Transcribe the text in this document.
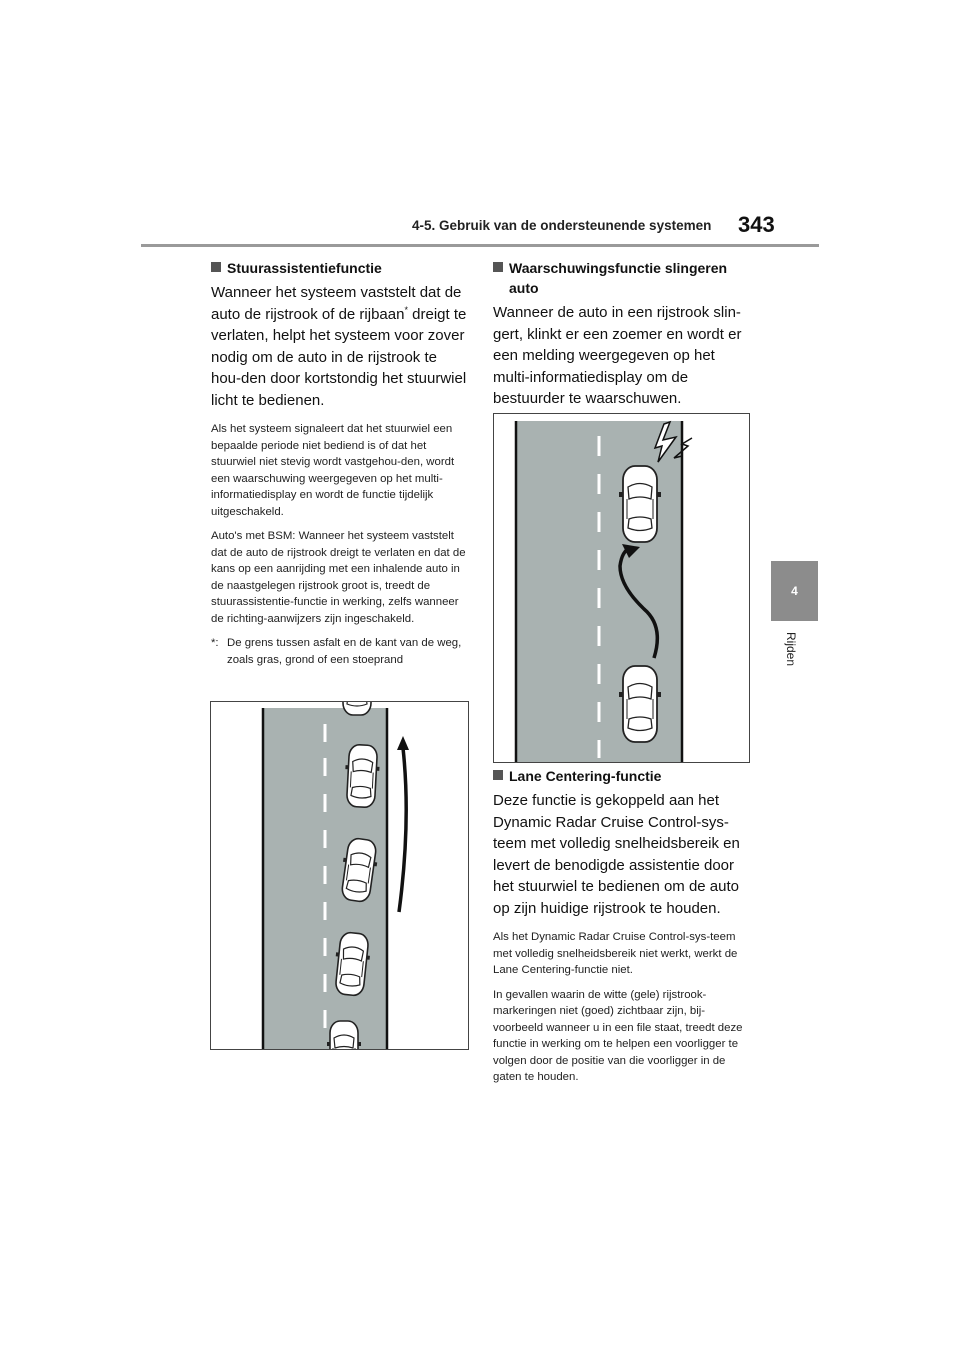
4-5. Gebruik van de ondersteunende systemen 343
4
Rijden
Stuurassistentiefunctie

Wanneer het systeem vaststelt dat de auto de rijstrook of de rijbaan* dreigt te verlaten, helpt het systeem voor zover nodig om de auto in de rijstrook te hou-den door kortstondig het stuurwiel licht te bedienen.

Als het systeem signaleert dat het stuurwiel een bepaalde periode niet bediend is of dat het stuurwiel niet stevig wordt vastgehou-den, wordt een waarschuwing weergegeven op het multi-informatiedisplay en wordt de functie tijdelijk uitgeschakeld.

Auto's met BSM: Wanneer het systeem vaststelt dat de auto de rijstrook dreigt te verlaten en dat de kans op een aanrijding met een inhalende auto in de naastgelegen rijstrook groot is, treedt de stuurassistentie-functie in werking, zelfs wanneer de richting-aanwijzers zijn ingeschakeld.

*: De grens tussen asfalt en de kant van de weg, zoals gras, grond of een stoeprand

Waarschuwingsfunctie slingeren
auto

Wanneer de auto in een rijstrook slin-gert, klinkt er een zoemer en wordt er een melding weergegeven op het multi-informatiedisplay om de bestuurder te waarschuwen.

Lane Centering-functie

Deze functie is gekoppeld aan het Dynamic Radar Cruise Control-sys-teem met volledig snelheidsbereik en levert de benodigde assistentie door het stuurwiel te bedienen om de auto op zijn huidige rijstrook te houden.

Als het Dynamic Radar Cruise Control-sys-teem met volledig snelheidsbereik niet werkt, werkt de Lane Centering-functie niet.

In gevallen waarin de witte (gele) rijstrook-markeringen niet (goed) zichtbaar zijn, bij-voorbeeld wanneer u in een file staat, treedt deze functie in werking om te helpen een voorligger te volgen door de positie van die voorligger in de gaten te houden.
